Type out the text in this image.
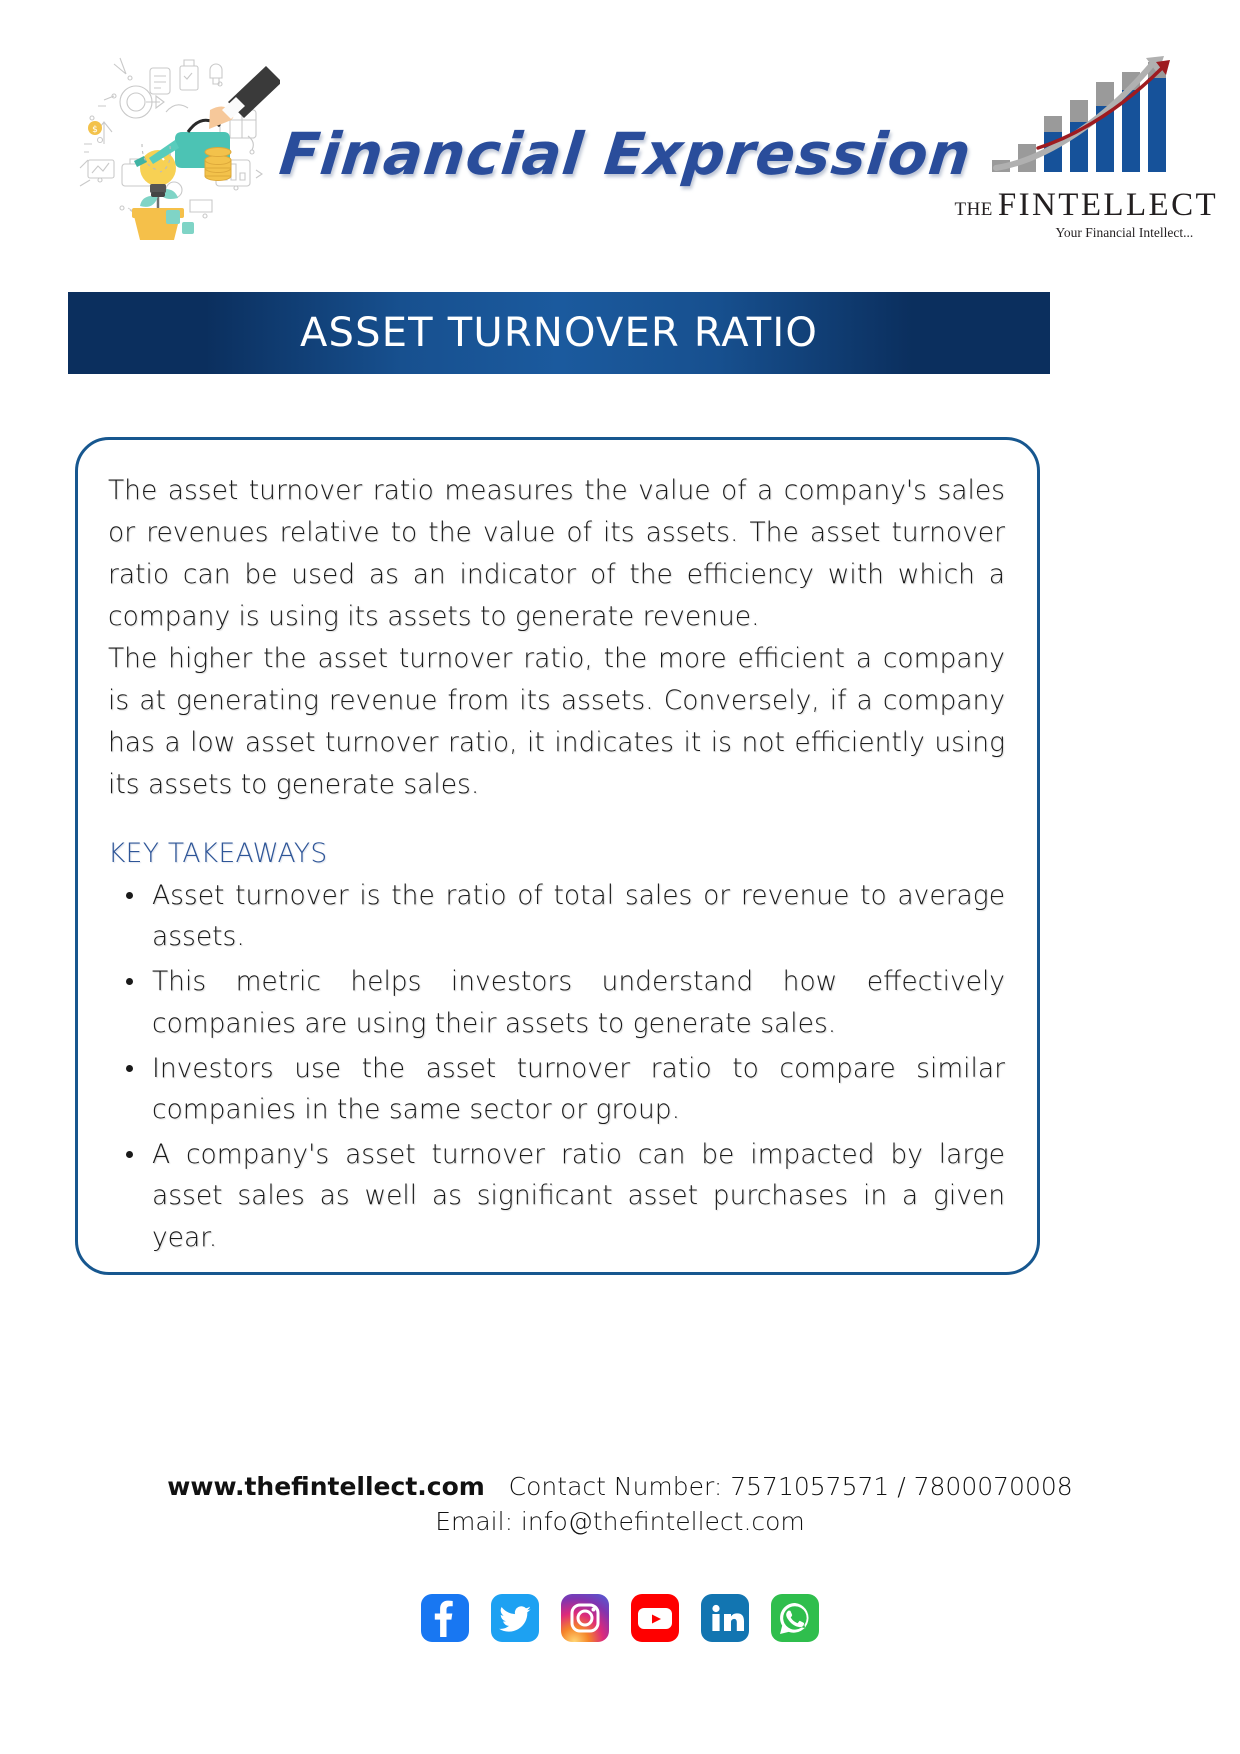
$	Financial Expression
THE FINTELLECT
Your Financial Intellect...
ASSET TURNOVER RATIO

The asset turnover ratio measures the value of a company's sales or revenues relative to the value of its assets. The asset turnover ratio can be used as an indicator of the efficiency with which a company is using its assets to generate revenue.

The higher the asset turnover ratio, the more efficient a company is at generating revenue from its assets. Conversely, if a company has a low asset turnover ratio, it indicates it is not efficiently using its assets to generate sales.

KEY TAKEAWAYS
Asset turnover is the ratio of total sales or revenue to average assets.
This metric helps investors understand how effectively companies are using their assets to generate sales.
Investors use the asset turnover ratio to compare similar companies in the same sector or group.
A company's asset turnover ratio can be impacted by large asset sales as well as significant asset purchases in a given year.
www.thefintellect.com Contact Number: 7571057571 / 7800070008
Email: info@thefintellect.com
